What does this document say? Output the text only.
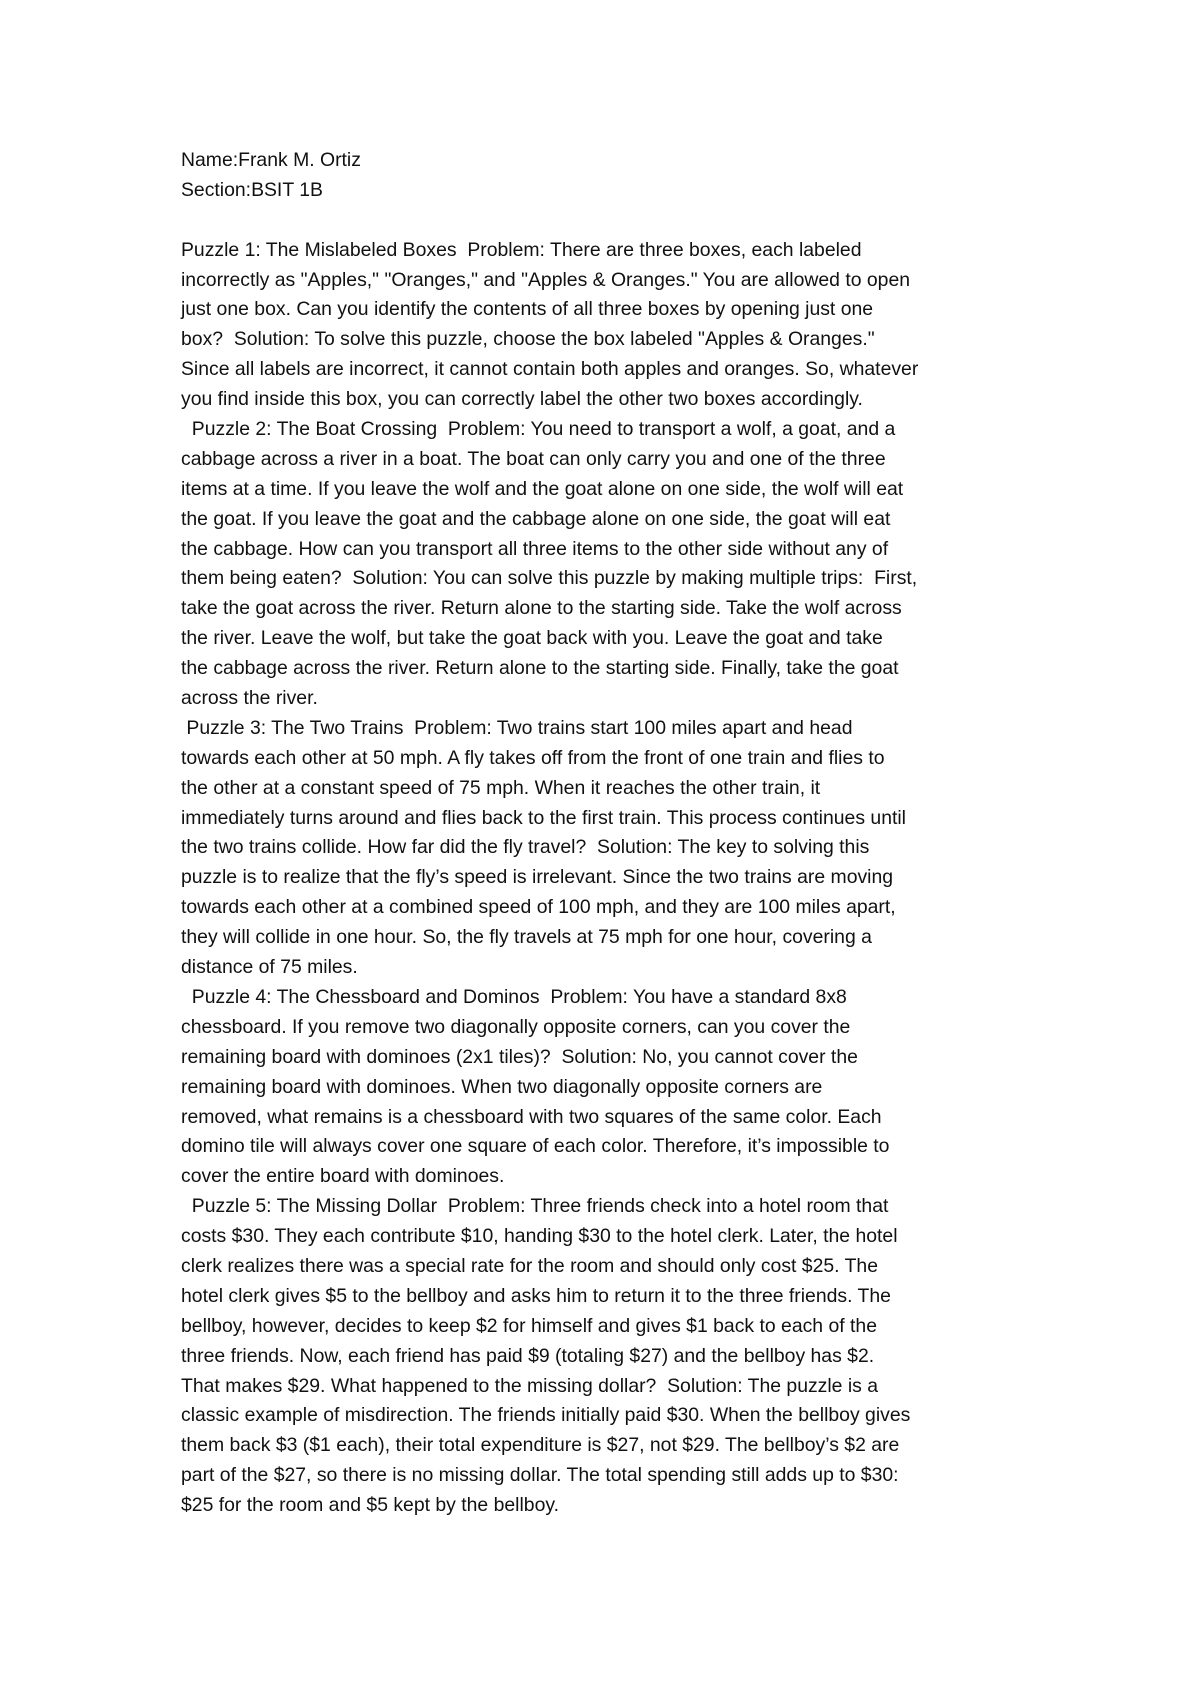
Name:Frank M. Ortiz
Section:BSIT 1B
Puzzle 1: The Mislabeled Boxes  Problem: There are three boxes, each labeled
incorrectly as "Apples," "Oranges," and "Apples & Oranges." You are allowed to open
just one box. Can you identify the contents of all three boxes by opening just one
box?  Solution: To solve this puzzle, choose the box labeled "Apples & Oranges."
Since all labels are incorrect, it cannot contain both apples and oranges. So, whatever
you find inside this box, you can correctly label the other two boxes accordingly.
Puzzle 2: The Boat Crossing  Problem: You need to transport a wolf, a goat, and a
cabbage across a river in a boat. The boat can only carry you and one of the three
items at a time. If you leave the wolf and the goat alone on one side, the wolf will eat
the goat. If you leave the goat and the cabbage alone on one side, the goat will eat
the cabbage. How can you transport all three items to the other side without any of
them being eaten?  Solution: You can solve this puzzle by making multiple trips:  First,
take the goat across the river. Return alone to the starting side. Take the wolf across
the river. Leave the wolf, but take the goat back with you. Leave the goat and take
the cabbage across the river. Return alone to the starting side. Finally, take the goat
across the river.
Puzzle 3: The Two Trains  Problem: Two trains start 100 miles apart and head
towards each other at 50 mph. A fly takes off from the front of one train and flies to
the other at a constant speed of 75 mph. When it reaches the other train, it
immediately turns around and flies back to the first train. This process continues until
the two trains collide. How far did the fly travel?  Solution: The key to solving this
puzzle is to realize that the fly’s speed is irrelevant. Since the two trains are moving
towards each other at a combined speed of 100 mph, and they are 100 miles apart,
they will collide in one hour. So, the fly travels at 75 mph for one hour, covering a
distance of 75 miles.
Puzzle 4: The Chessboard and Dominos  Problem: You have a standard 8x8
chessboard. If you remove two diagonally opposite corners, can you cover the
remaining board with dominoes (2x1 tiles)?  Solution: No, you cannot cover the
remaining board with dominoes. When two diagonally opposite corners are
removed, what remains is a chessboard with two squares of the same color. Each
domino tile will always cover one square of each color. Therefore, it’s impossible to
cover the entire board with dominoes.
Puzzle 5: The Missing Dollar  Problem: Three friends check into a hotel room that
costs $30. They each contribute $10, handing $30 to the hotel clerk. Later, the hotel
clerk realizes there was a special rate for the room and should only cost $25. The
hotel clerk gives $5 to the bellboy and asks him to return it to the three friends. The
bellboy, however, decides to keep $2 for himself and gives $1 back to each of the
three friends. Now, each friend has paid $9 (totaling $27) and the bellboy has $2.
That makes $29. What happened to the missing dollar?  Solution: The puzzle is a
classic example of misdirection. The friends initially paid $30. When the bellboy gives
them back $3 ($1 each), their total expenditure is $27, not $29. The bellboy’s $2 are
part of the $27, so there is no missing dollar. The total spending still adds up to $30:
$25 for the room and $5 kept by the bellboy.
